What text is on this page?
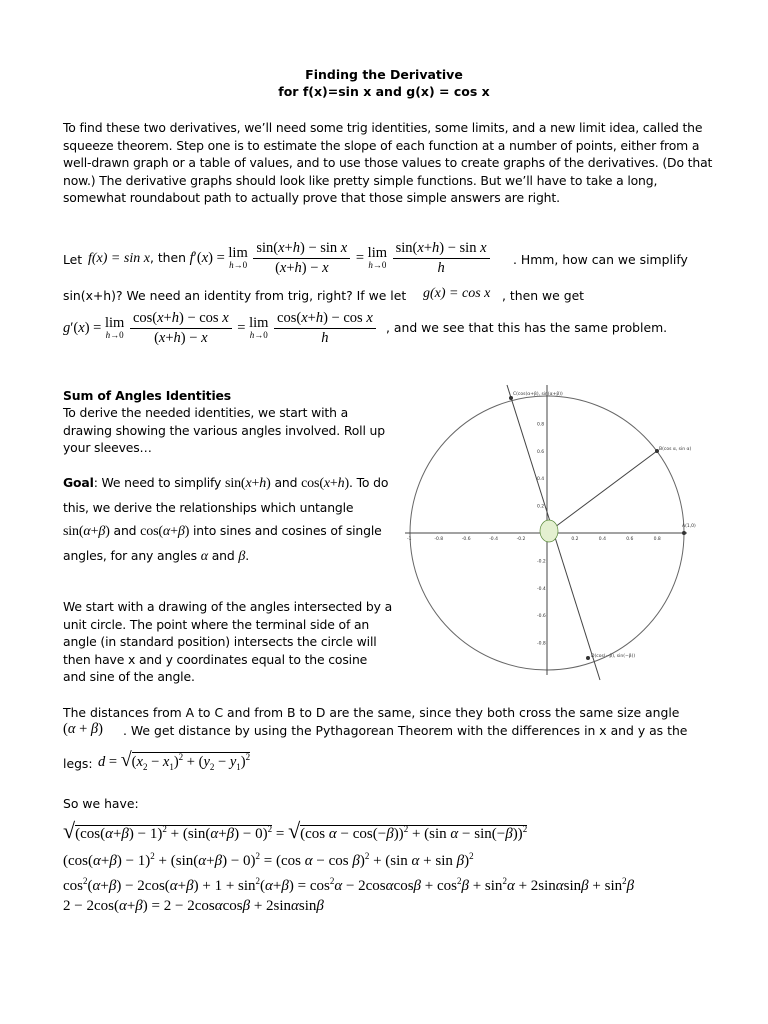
Finding the Derivative
for f(x)=sin x and g(x) = cos x
To find these two derivatives, we’ll need some trig identities, some limits, and a new limit idea, called the squeeze theorem. Step one is to estimate the slope of each function at a number of points, either from a well-drawn graph or a table of values, and to use those values to create graphs of the derivatives. (Do that now.) The derivative graphs should look like pretty simple functions. But we’ll have to take a long, somewhat roundabout path to actually prove that those simple answers are right.
Let f(x) = sin x, then f′(x) = lim
h→0
$\frac{\text{sin(x+h) − sin x}}{(x+h) - x} = \lim$
h→0
$\frac{\text{sin(x+h) − sin x}}{h}$ . Hmm, how can we simplify
sin(x+h)? We need an identity from trig, right? If we let g(x) = cos x , then we get
g′(x) = lim
h→0
$\frac{\text{cos(x+h) − cos x}}{(x+h) - x} = \lim$
h→0
$\frac{\text{cos(x+h) − cos x}}{h}$ , and we see that this has the same problem.
Sum of Angles Identities
To derive the needed identities, we start with a drawing showing the various angles involved. Roll up your sleeves…
Goal: We need to simplify sin(x+h) and cos(x+h). To do this, we derive the relationships which untangle sin(α+β) and cos(α+β) into sines and cosines of single angles, for any angles α and β.
We start with a drawing of the angles intersected by a unit circle. The point where the terminal side of an angle (in standard position) intersects the circle will then have x and y coordinates equal to the cosine and sine of the angle.
C(cos(α+β), sin(α+β))
B(cos α, sin α)
A(1,0)
D(cos(−β), sin(−β))
-1	-0.8	-0.6	-0.4	-0.2	0.2	0.4	0.6	0.8
0.8
0.6
0.4
0.2
-0.2
-0.4
-0.6
-0.8
The distances from A to C and from B to D are the same, since they both cross the same size angle
(α + β) . We get distance by using the Pythagorean Theorem with the differences in x and y as the
legs: $d = √(x_2 - x_1)^2 + (y_2 - y_1)^2$
So we have:
$√(\cos(\alpha+\beta) - 1)^2 + (\sin(\alpha+\beta) - 0)^2 = √(\cos$ α − cos(−β))$^2$ + (sin α − sin(−β))$^2$
$(\cos(\alpha+\beta) - 1)^2 + (\sin(\alpha+\beta) - 0)^2 = (\cos$ α − cos β)$^2$ + (sin α + sin β)$^2$
$\cos^2(\alpha+\beta) - 2\cos(\alpha+\beta) + 1 + \sin^2(\alpha+\beta) = \cos^2\alpha - 2\cos\alpha\cos\beta + \cos^2\beta + \sin^2\alpha + 2\sin\alpha\sin\beta + \sin^2\beta$
2 − 2cos(α+β) = 2 − 2cosαcosβ + 2sinαsinβ
